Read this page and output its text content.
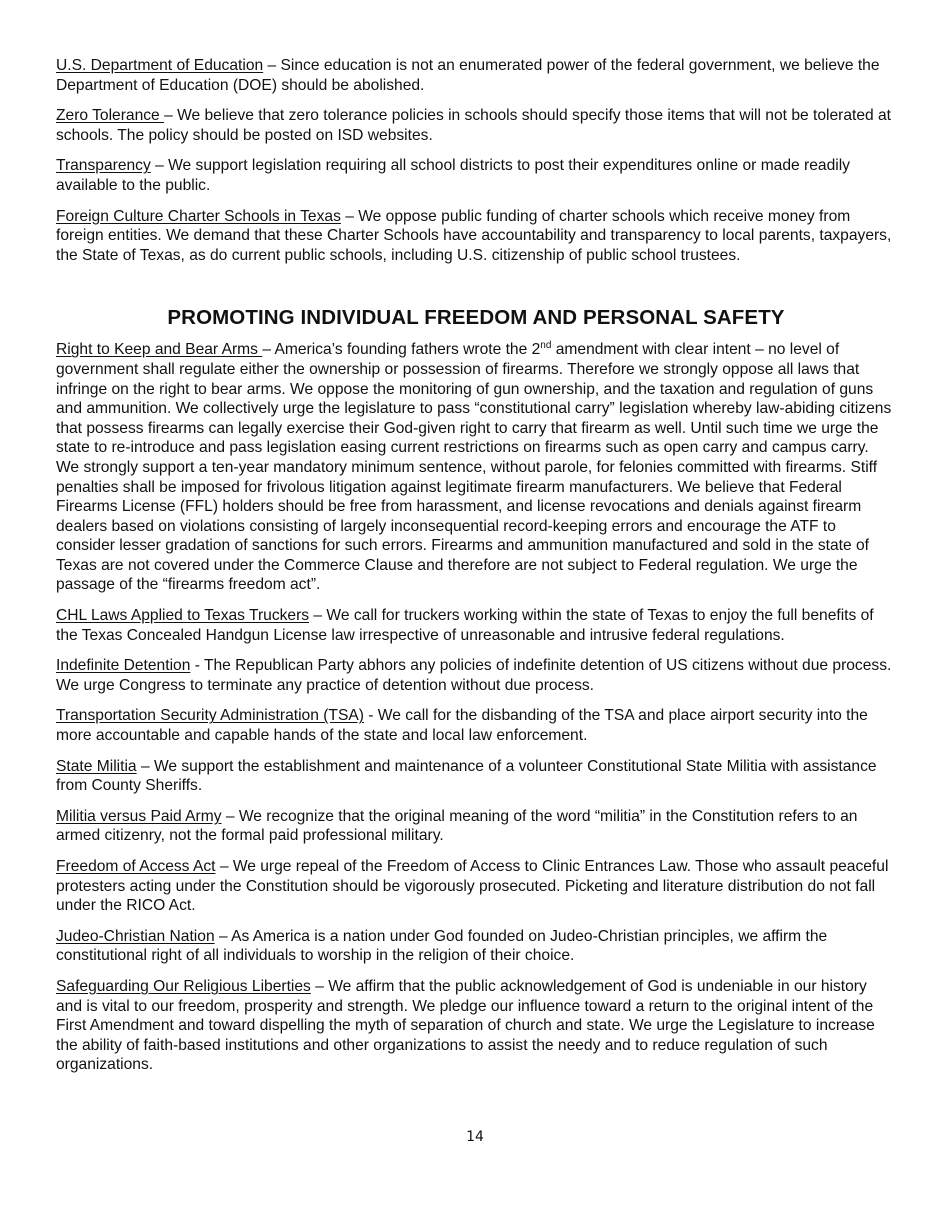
U.S. Department of Education – Since education is not an enumerated power of the federal government, we believe the Department of Education (DOE) should be abolished.

Zero Tolerance – We believe that zero tolerance policies in schools should specify those items that will not be tolerated at schools. The policy should be posted on ISD websites.

Transparency – We support legislation requiring all school districts to post their expenditures online or made readily available to the public.

Foreign Culture Charter Schools in Texas – We oppose public funding of charter schools which receive money from foreign entities. We demand that these Charter Schools have accountability and transparency to local parents, taxpayers, the State of Texas, as do current public schools, including U.S. citizenship of public school trustees.

PROMOTING INDIVIDUAL FREEDOM AND PERSONAL SAFETY

Right to Keep and Bear Arms – America’s founding fathers wrote the 2nd amendment with clear intent – no level of government shall regulate either the ownership or possession of firearms. Therefore we strongly oppose all laws that infringe on the right to bear arms. We oppose the monitoring of gun ownership, and the taxation and regulation of guns and ammunition. We collectively urge the legislature to pass “constitutional carry” legislation whereby law-abiding citizens that possess firearms can legally exercise their God-given right to carry that firearm as well. Until such time we urge the state to re-introduce and pass legislation easing current restrictions on firearms such as open carry and campus carry. We strongly support a ten-year mandatory minimum sentence, without parole, for felonies committed with firearms. Stiff penalties shall be imposed for frivolous litigation against legitimate firearm manufacturers. We believe that Federal Firearms License (FFL) holders should be free from harassment, and license revocations and denials against firearm dealers based on violations consisting of largely inconsequential record-keeping errors and encourage the ATF to consider lesser gradation of sanctions for such errors. Firearms and ammunition manufactured and sold in the state of Texas are not covered under the Commerce Clause and therefore are not subject to Federal regulation. We urge the passage of the “firearms freedom act”.

CHL Laws Applied to Texas Truckers – We call for truckers working within the state of Texas to enjoy the full benefits of the Texas Concealed Handgun License law irrespective of unreasonable and intrusive federal regulations.

Indefinite Detention - The Republican Party abhors any policies of indefinite detention of US citizens without due process. We urge Congress to terminate any practice of detention without due process.

Transportation Security Administration (TSA) - We call for the disbanding of the TSA and place airport security into the more accountable and capable hands of the state and local law enforcement.

State Militia – We support the establishment and maintenance of a volunteer Constitutional State Militia with assistance from County Sheriffs.

Militia versus Paid Army – We recognize that the original meaning of the word “militia” in the Constitution refers to an armed citizenry, not the formal paid professional military.

Freedom of Access Act – We urge repeal of the Freedom of Access to Clinic Entrances Law. Those who assault peaceful protesters acting under the Constitution should be vigorously prosecuted. Picketing and literature distribution do not fall under the RICO Act.

Judeo-Christian Nation – As America is a nation under God founded on Judeo-Christian principles, we affirm the constitutional right of all individuals to worship in the religion of their choice.

Safeguarding Our Religious Liberties – We affirm that the public acknowledgement of God is undeniable in our history and is vital to our freedom, prosperity and strength. We pledge our influence toward a return to the original intent of the First Amendment and toward dispelling the myth of separation of church and state. We urge the Legislature to increase the ability of faith-based institutions and other organizations to assist the needy and to reduce regulation of such organizations.

14
